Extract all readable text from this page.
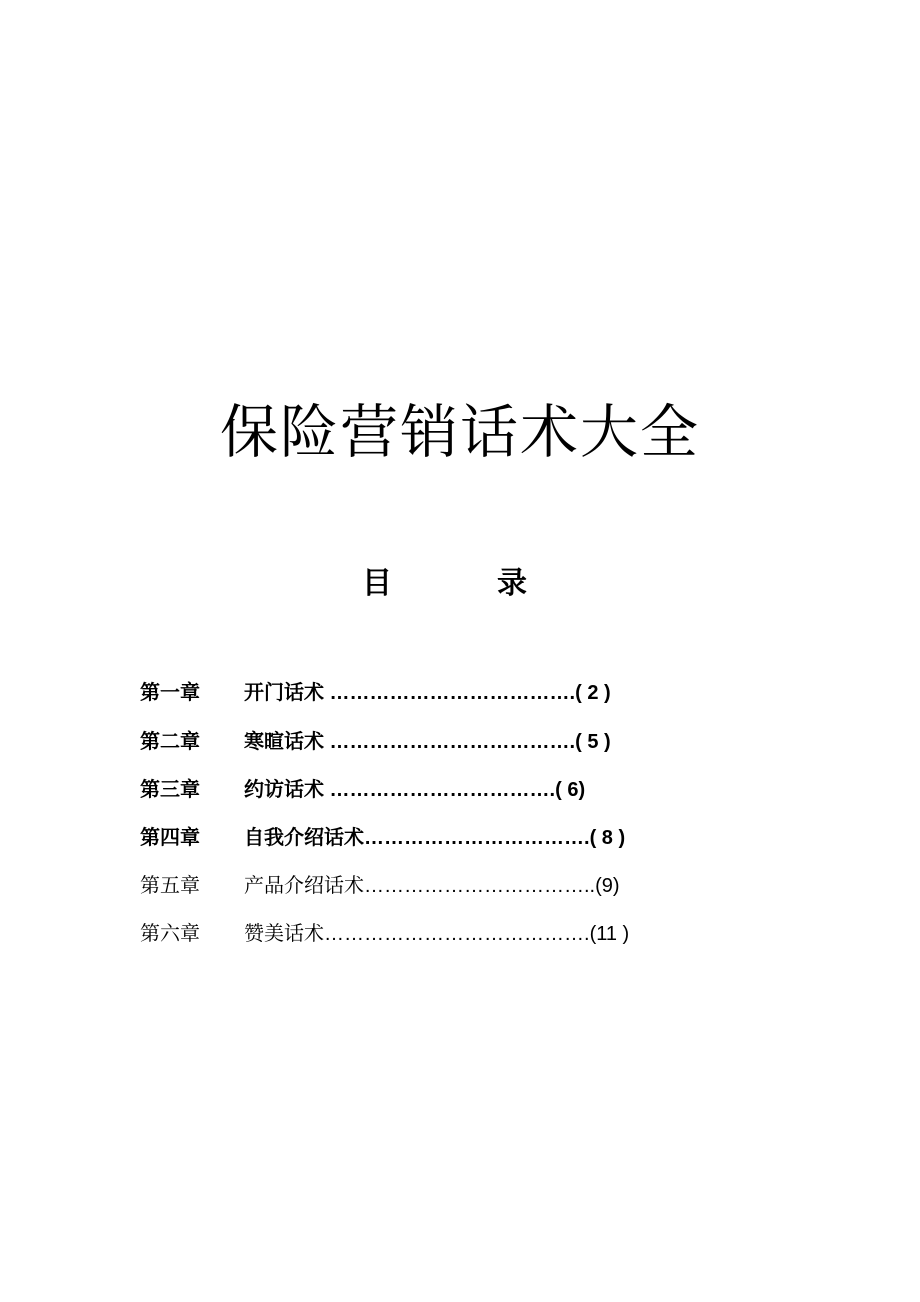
保险营销话术大全
目	录
第一章 开门话术 ……………………………….( 2 )
第二章 寒暄话术 ……………………………….( 5 )
第三章 约访话术 …………………………….( 6)
第四章 自我介绍话术…………………………….( 8 )
第五章 产品介绍话术……………………………..(9)
第六章 赞美话术………………………………….(11 )
